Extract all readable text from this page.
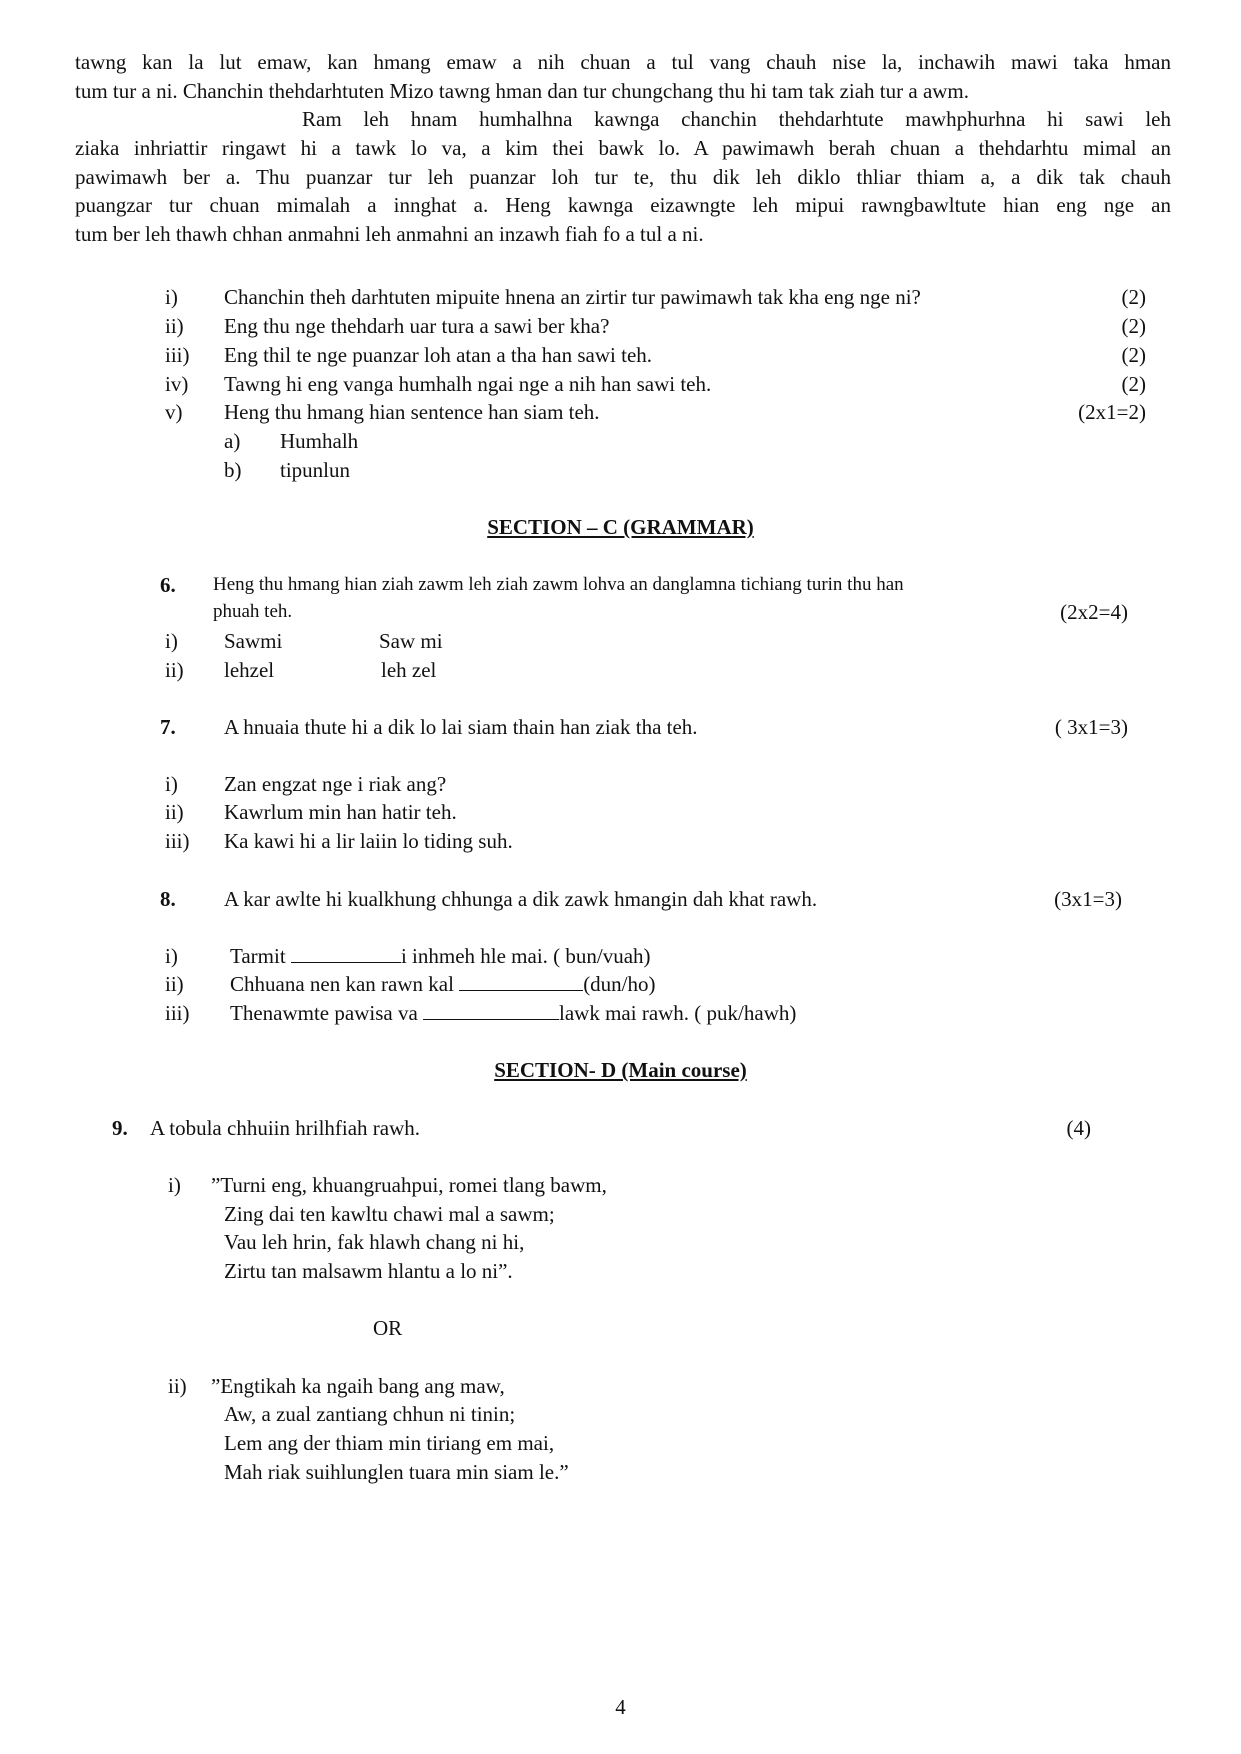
tawng kan la lut emaw, kan hmang emaw a nih chuan a tul vang chauh nise la, inchawih mawi taka hman
tum tur a ni. Chanchin thehdarhtuten Mizo tawng hman dan tur chungchang thu hi tam tak ziah tur a awm.
Ram leh hnam humhalhna kawnga chanchin thehdarhtute mawhphurhna hi sawi leh
ziaka inhriattir ringawt hi a tawk lo va, a kim thei bawk lo. A pawimawh berah chuan a thehdarhtu mimal an
pawimawh ber a. Thu puanzar tur leh puanzar loh tur te, thu dik leh diklo thliar thiam a, a dik tak chauh
puangzar tur chuan mimalah a innghat a. Heng kawnga eizawngte leh mipui rawngbawltute hian eng nge an
tum ber leh thawh chhan anmahni leh anmahni an inzawh fiah fo a tul a ni.
i) Chanchin theh darhtuten mipuite hnena an zirtir tur pawimawh tak kha eng nge ni?	(2)
ii) Eng thu nge thehdarh uar tura a sawi ber kha?	(2)
iii) Eng thil te nge puanzar loh atan a tha han sawi teh.	(2)
iv) Tawng hi eng vanga humhalh ngai nge a nih han sawi teh.	(2)
v) Heng thu hmang hian sentence han siam teh.	(2x1=2)
a) Humhalh
b) tipunlun
SECTION – C (GRAMMAR)
6. Heng thu hmang hian ziah zawm leh ziah zawm lohva an danglamna tichiang turin thu han
phuah teh.	(2x2=4)
i) Sawmi	Saw mi
ii) lehzel	leh zel
7. A hnuaia thute hi a dik lo lai siam thain han ziak tha teh.	( 3x1=3)
i) Zan engzat nge i riak ang?
ii) Kawrlum min han hatir teh.
iii) Ka kawi hi a lir laiin lo tiding suh.
8. A kar awlte hi kualkhung chhunga a dik zawk hmangin dah khat rawh.	(3x1=3)
i) Tarmit	i inhmeh hle mai. ( bun/vuah)
ii) Chhuana nen kan rawn kal	(dun/ho)
iii) Thenawmte pawisa va	lawk mai rawh. ( puk/hawh)
SECTION- D (Main course)
9. A tobula chhuiin hrilhfiah rawh.	(4)
i) ”Turni eng, khuangruahpui, romei tlang bawm,
Zing dai ten kawltu chawi mal a sawm;
Vau leh hrin, fak hlawh chang ni hi,
Zirtu tan malsawm hlantu a lo ni”.
OR
ii) ”Engtikah ka ngaih bang ang maw,
Aw, a zual zantiang chhun ni tinin;
Lem ang der thiam min tiriang em mai,
Mah riak suihlunglen tuara min siam le.”
4
